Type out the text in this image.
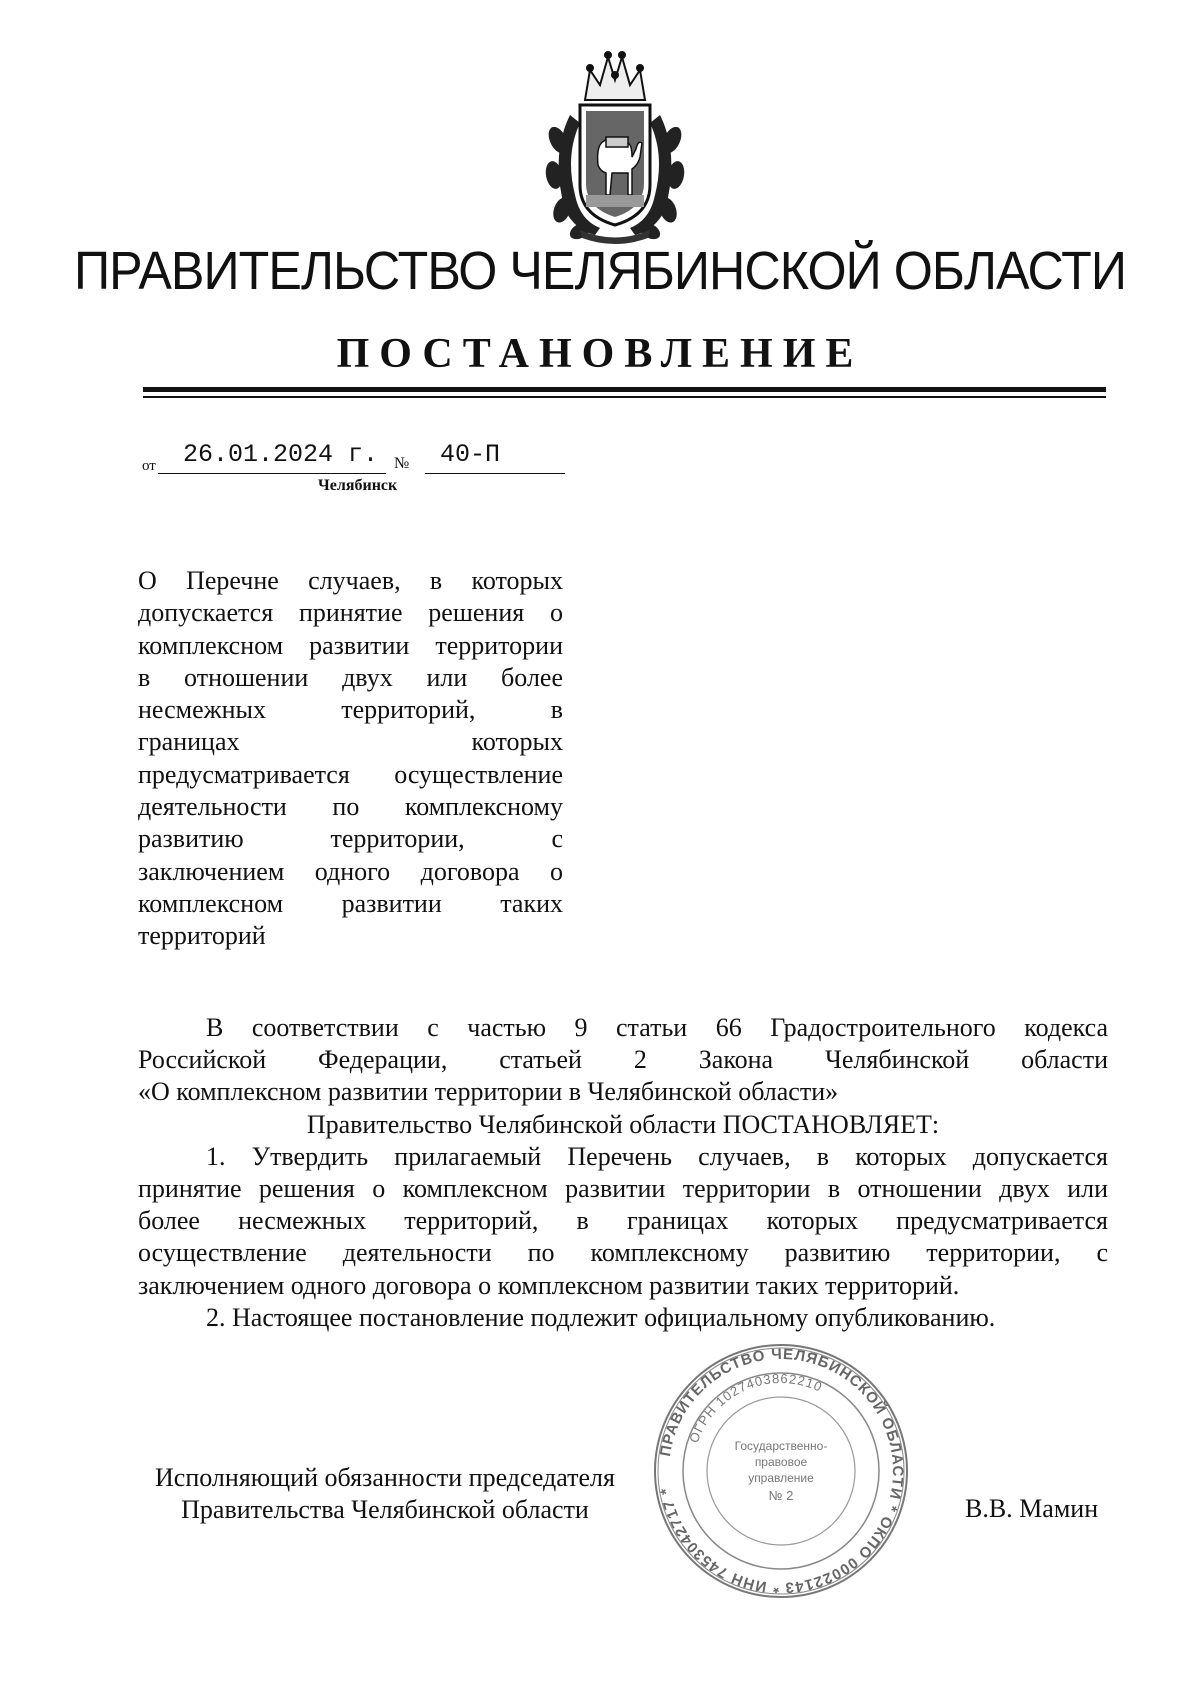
ПРАВИТЕЛЬСТВО ЧЕЛЯБИНСКОЙ ОБЛАСТИ
ПОСТАНОВЛЕНИЕ
от 26.01.2024 г. № 40-П
Челябинск
О Перечне случаев, в которых
допускается принятие решения о
комплексном развитии территории
в отношении двух или более
несмежных территорий, в
границах которых
предусматривается осуществление
деятельности по комплексному
развитию территории, с
заключением одного договора о
комплексном развитии таких
территорий
В соответствии с частью 9 статьи 66 Градостроительного кодекса
Российской Федерации, статьей 2 Закона Челябинской области
«О комплексном развитии территории в Челябинской области»
Правительство Челябинской области ПОСТАНОВЛЯЕТ:
1. Утвердить прилагаемый Перечень случаев, в которых допускается
принятие решения о комплексном развитии территории в отношении двух или
более несмежных территорий, в границах которых предусматривается
осуществление деятельности по комплексному развитию территории, с
заключением одного договора о комплексном развитии таких территорий.
2. Настоящее постановление подлежит официальному опубликованию.
Исполняющий обязанности председателя
Правительства Челябинской области	В.В. Мамин
ПРАВИТЕЛЬСТВО ЧЕЛЯБИНСКОЙ ОБЛАСТИ * ОКПО 00022143 * ИНН 7453042717 *
ОГРН 1027403862210
Государственно-
правовое
управление
№ 2
